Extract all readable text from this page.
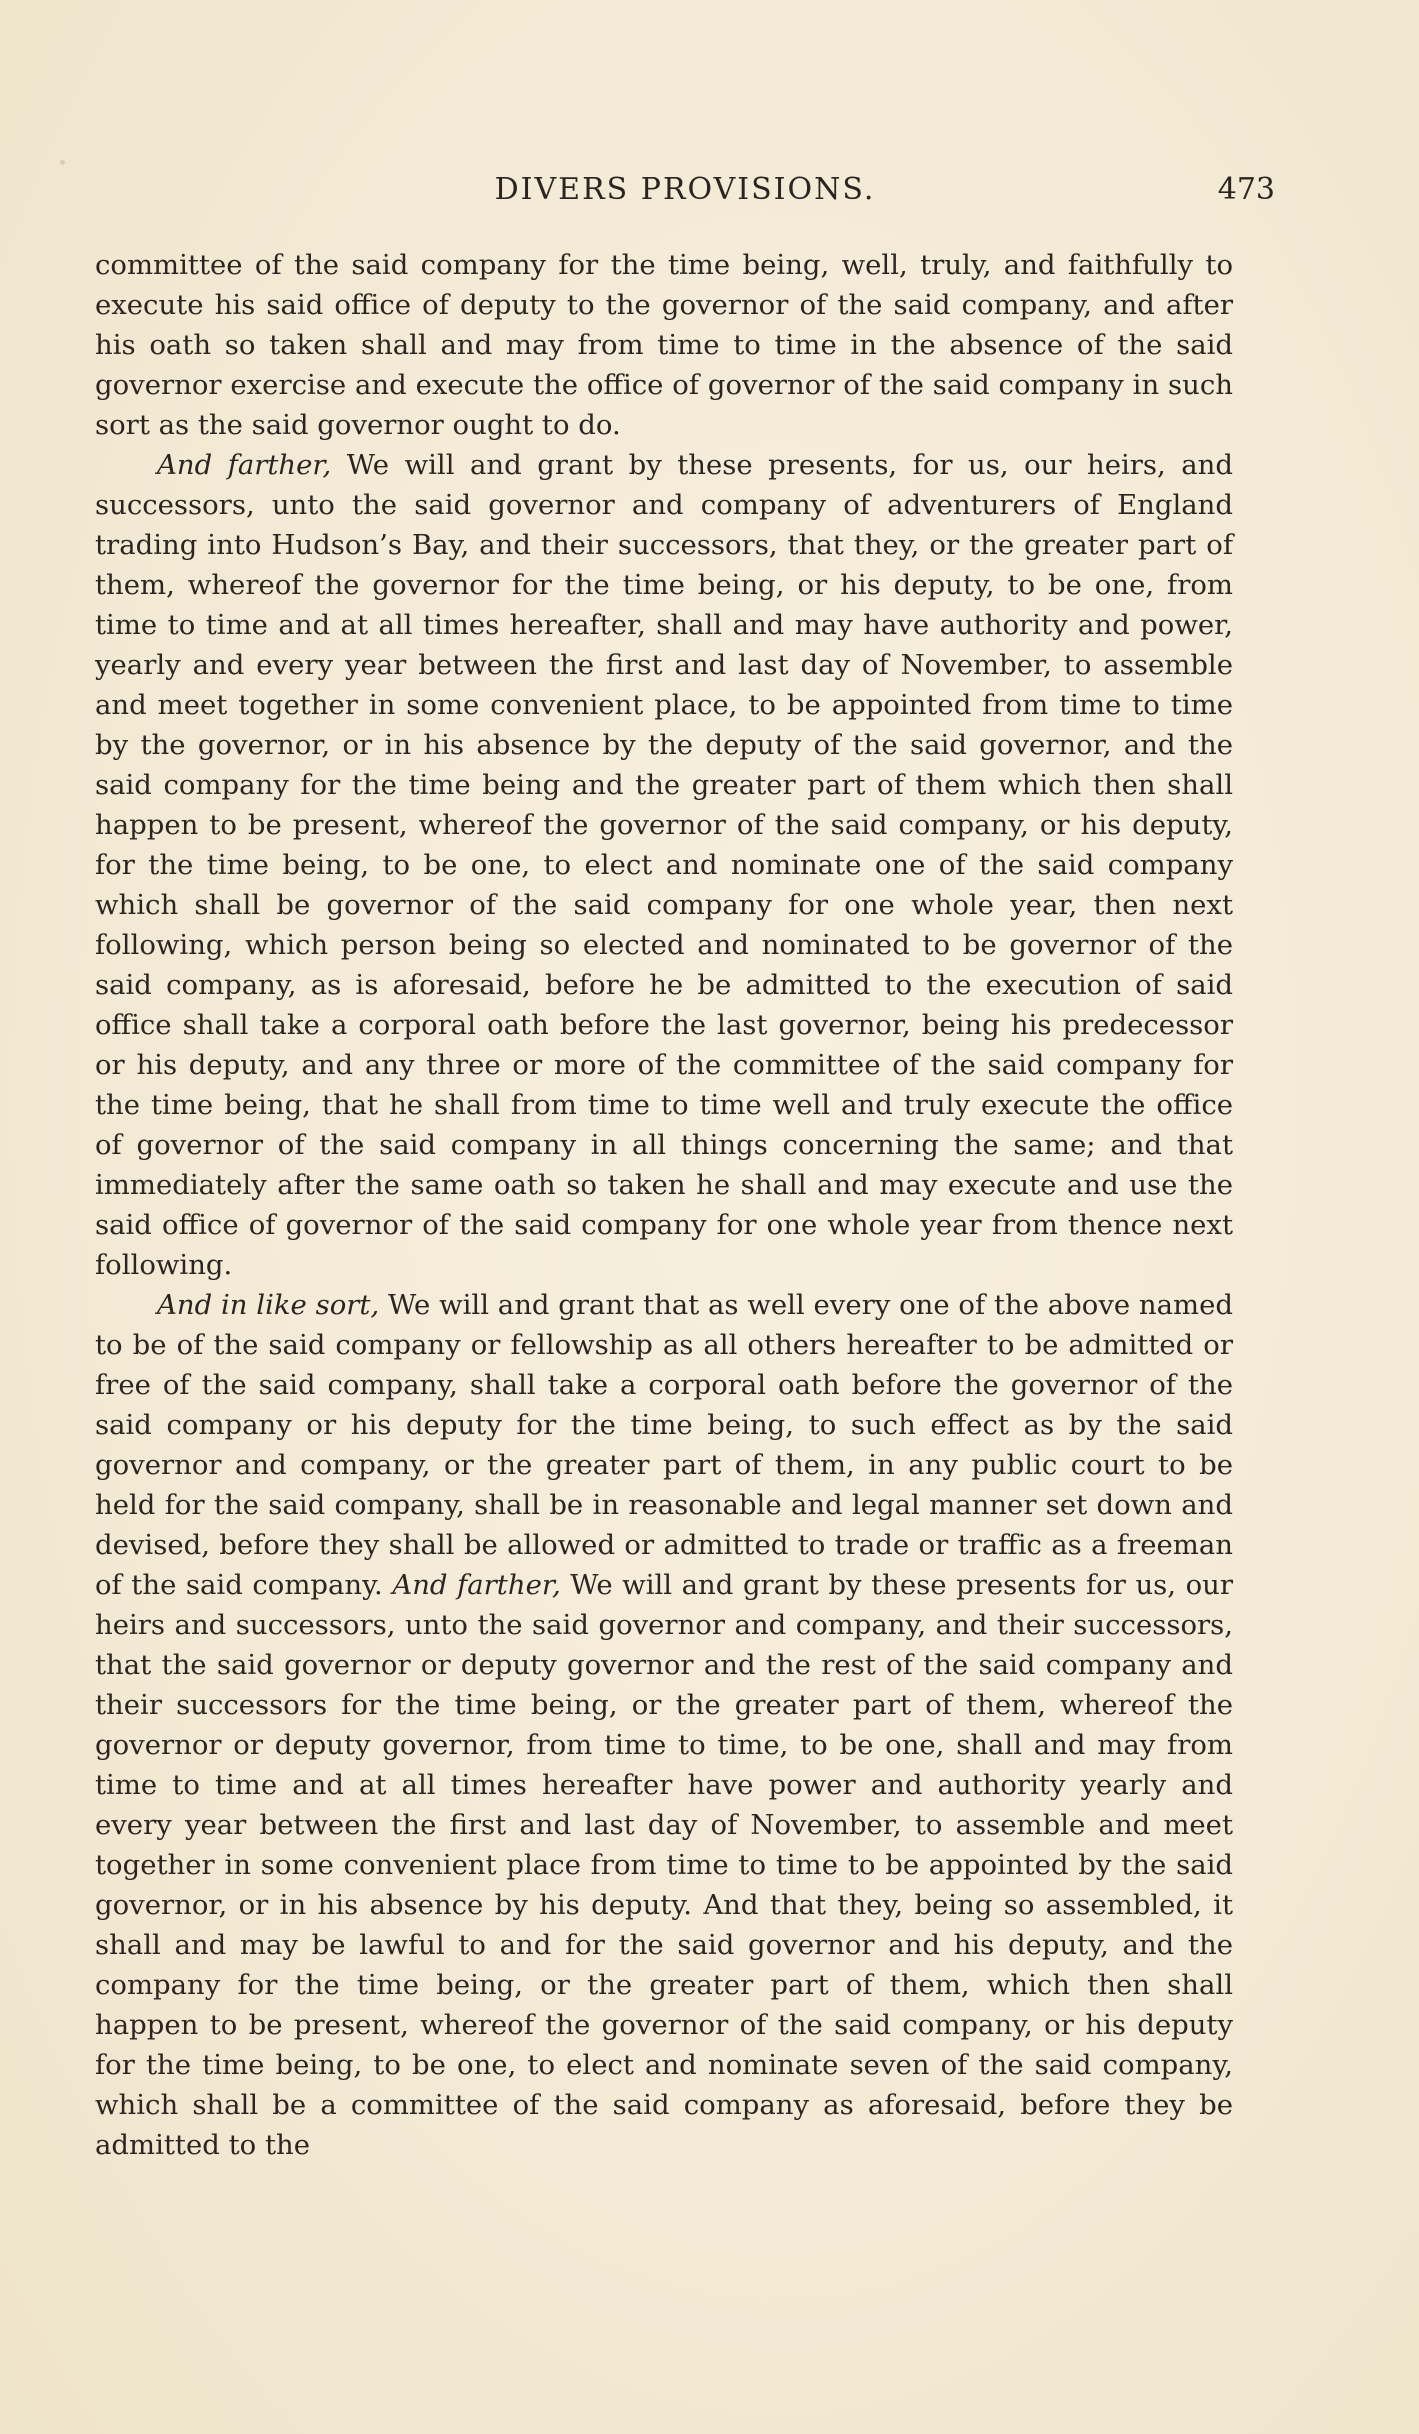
DIVERS PROVISIONS.	473

committee of the said company for the time being, well, truly, and faithfully to execute his said office of deputy to the governor of the said company, and after his oath so taken shall and may from time to time in the absence of the said governor exercise and execute the office of governor of the said company in such sort as the said governor ought to do.

And farther, We will and grant by these presents, for us, our heirs, and successors, unto the said governor and company of adventurers of England trading into Hudson’s Bay, and their successors, that they, or the greater part of them, whereof the governor for the time being, or his deputy, to be one, from time to time and at all times hereafter, shall and may have authority and power, yearly and every year between the first and last day of November, to assemble and meet together in some convenient place, to be appointed from time to time by the governor, or in his absence by the deputy of the said governor, and the said company for the time being and the greater part of them which then shall happen to be present, whereof the governor of the said company, or his deputy, for the time being, to be one, to elect and nominate one of the said company which shall be governor of the said company for one whole year, then next following, which person being so elected and nominated to be governor of the said company, as is aforesaid, before he be admitted to the execution of said office shall take a corporal oath before the last governor, being his predecessor or his deputy, and any three or more of the committee of the said company for the time being, that he shall from time to time well and truly execute the office of governor of the said company in all things concerning the same; and that immediately after the same oath so taken he shall and may execute and use the said office of governor of the said company for one whole year from thence next following.

And in like sort, We will and grant that as well every one of the above named to be of the said company or fellowship as all others hereafter to be admitted or free of the said company, shall take a corporal oath before the governor of the said company or his deputy for the time being, to such effect as by the said governor and company, or the greater part of them, in any public court to be held for the said company, shall be in reasonable and legal manner set down and devised, before they shall be allowed or admitted to trade or traffic as a freeman of the said company. And farther, We will and grant by these presents for us, our heirs and successors, unto the said governor and company, and their successors, that the said governor or deputy governor and the rest of the said company and their successors for the time being, or the greater part of them, whereof the governor or deputy governor, from time to time, to be one, shall and may from time to time and at all times hereafter have power and authority yearly and every year between the first and last day of November, to assemble and meet together in some convenient place from time to time to be appointed by the said governor, or in his absence by his deputy. And that they, being so assembled, it shall and may be lawful to and for the said governor and his deputy, and the company for the time being, or the greater part of them, which then shall happen to be present, whereof the governor of the said company, or his deputy for the time being, to be one, to elect and nominate seven of the said company, which shall be a committee of the said company as aforesaid, before they be admitted to the
